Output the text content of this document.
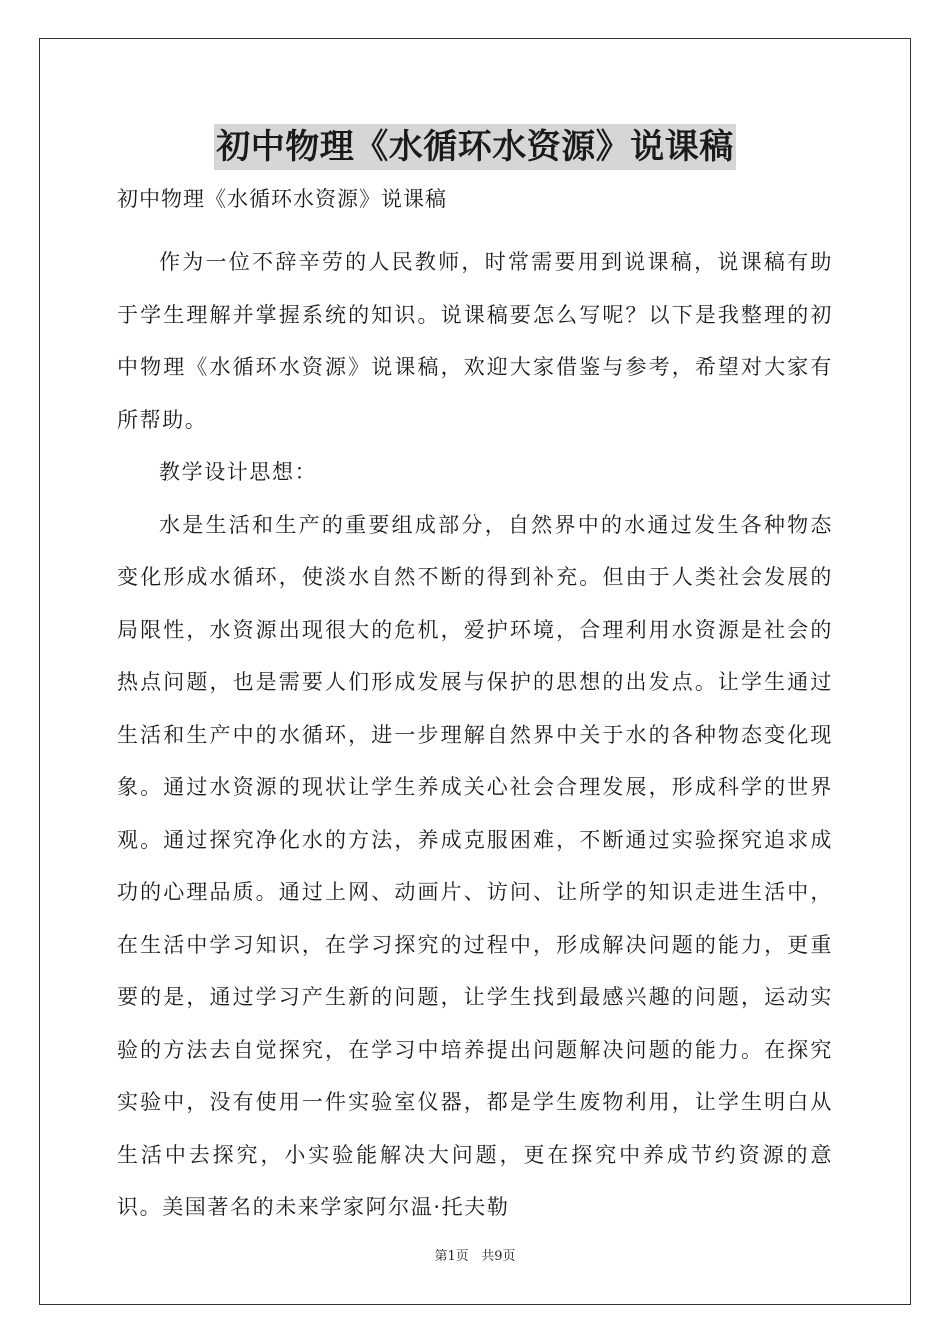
初中物理《水循环水资源》说课稿
初中物理《水循环水资源》说课稿

作为一位不辞辛劳的人民教师，时常需要用到说课稿，说课稿有助于学生理解并掌握系统的知识。说课稿要怎么写呢？以下是我整理的初中物理《水循环水资源》说课稿，欢迎大家借鉴与参考，希望对大家有所帮助。

教学设计思想：

水是生活和生产的重要组成部分，自然界中的水通过发生各种物态变化形成水循环，使淡水自然不断的得到补充。但由于人类社会发展的局限性，水资源出现很大的危机，爱护环境，合理利用水资源是社会的热点问题，也是需要人们形成发展与保护的思想的出发点。让学生通过生活和生产中的水循环，进一步理解自然界中关于水的各种物态变化现象。通过水资源的现状让学生养成关心社会合理发展，形成科学的世界观。通过探究净化水的方法，养成克服困难，不断通过实验探究追求成功的心理品质。通过上网、动画片、访问、让所学的知识走进生活中，在生活中学习知识，在学习探究的过程中，形成解决问题的能力，更重要的是，通过学习产生新的问题，让学生找到最感兴趣的问题，运动实验的方法去自觉探究，在学习中培养提出问题解决问题的能力。在探究实验中，没有使用一件实验室仪器，都是学生废物利用，让学生明白从生活中去探究，小实验能解决大问题，更在探究中养成节约资源的意识。美国著名的未来学家阿尔温·托夫勒

第1页 共9页
